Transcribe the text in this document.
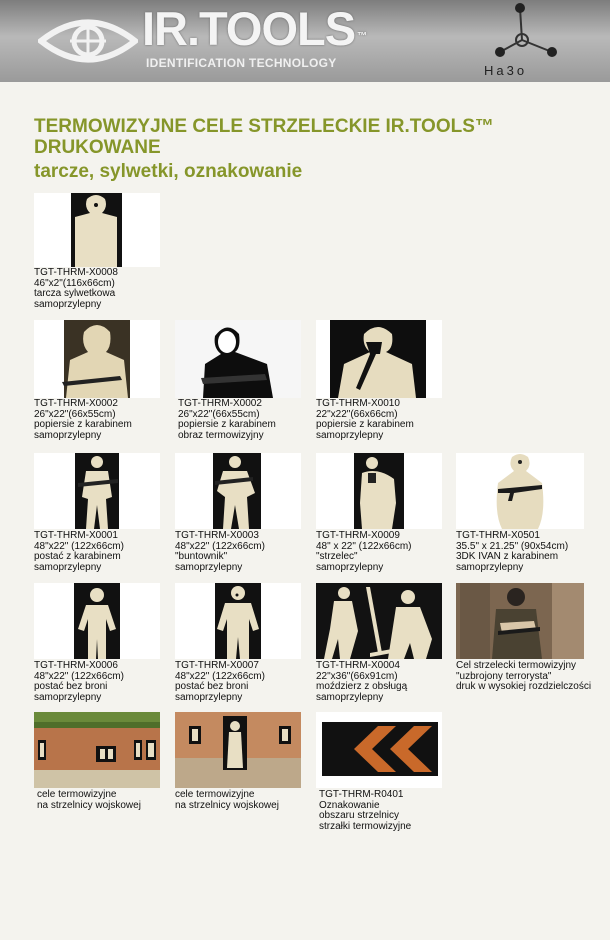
IR.TOOLS ™
IDENTIFICATION TECHNOLOGY	На3о
TERMOWIZYJNE CELE STRZELECKIE IR.TOOLS™ DRUKOWANE
tarcze, sylwetki, oznakowanie
TGT-THRM-X0008
46"x2"(116x66cm)
tarcza sylwetkowa
samoprzylepny
TGT-THRM-X0002
26"x22"(66x55cm)
popiersie z karabinem
samoprzylepny
TGT-THRM-X0002
26"x22"(66x55cm)
popiersie z karabinem
obraz termowizyjny
TGT-THRM-X0010
22"x22"(66x66cm)
popiersie z karabinem
samoprzylepny
TGT-THRM-X0001
48"x22" (122x66cm)
postać z karabinem
samoprzylepny
TGT-THRM-X0003
48"x22" (122x66cm)
"buntownik"
samoprzylepny
TGT-THRM-X0009
48" x 22" (122x66cm)
"strzelec"
samoprzylepny
TGT-THRM-X0501
35.5" x 21.25" (90x54cm)
3DK IVAN z karabinem
samoprzylepny
TGT-THRM-X0006
48"x22" (122x66cm)
postać bez broni
samoprzylepny
TGT-THRM-X0007
48"x22" (122x66cm)
postać bez broni
samoprzylepny
TGT-THRM-X0004
22"x36"(66x91cm)
moździerz z obsługą
samoprzylepny
Cel strzelecki termowizyjny
"uzbrojony terrorysta"
druk w wysokiej rozdzielczości
cele termowizyjne
na strzelnicy wojskowej
cele termowizyjne
na strzelnicy wojskowej
TGT-THRM-R0401
Oznakowanie
obszaru strzelnicy
strzałki termowizyjne
